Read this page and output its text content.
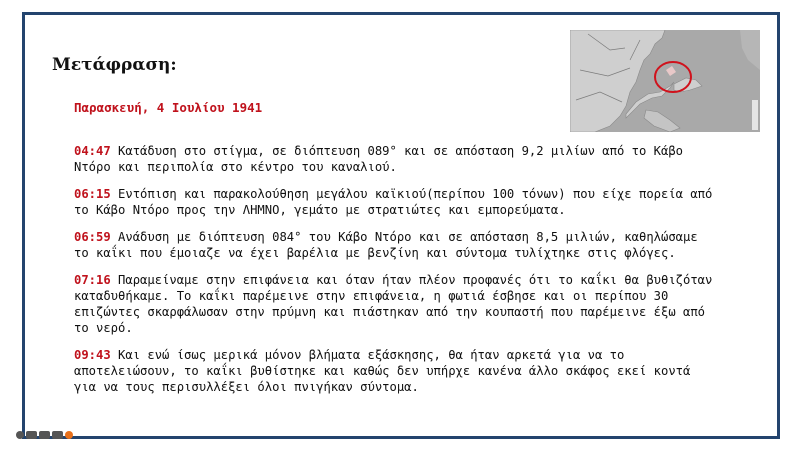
Μετάφραση:
Παρασκευή, 4 Ιουλίου 1941

04:47 Κατάδυση στο στίγμα, σε διόπτευση 089° και σε απόσταση 9,2 μιλίων από το Κάβο Ντόρο και περιπολία στο κέντρο του καναλιού.

06:15 Εντόπιση και παρακολούθηση μεγάλου καϊκιού(περίπου 100 τόνων) που είχε πορεία από το Κάβο Ντόρο προς την ΛΗΜΝΟ, γεμάτο με στρατιώτες και εμπορεύματα.

06:59 Ανάδυση με διόπτευση 084° του Κάβο Ντόρο και σε απόσταση 8,5 μιλιών, καθηλώσαμε το καΐκι που έμοιαζε να έχει βαρέλια με βενζίνη και σύντομα τυλίχτηκε στις φλόγες.

07:16 Παραμείναμε στην επιφάνεια και όταν ήταν πλέον προφανές ότι το καΐκι θα βυθιζόταν καταδυθήκαμε. Το καΐκι παρέμεινε στην επιφάνεια, η φωτιά έσβησε και οι περίπου 30 επιζώντες σκαρφάλωσαν στην πρύμνη και πιάστηκαν από την κουπαστή που παρέμεινε έξω από το νερό.

09:43 Και ενώ ίσως μερικά μόνον βλήματα εξάσκησης, θα ήταν αρκετά για να το αποτελειώσουν, το καΐκι βυθίστηκε και καθώς δεν υπήρχε κανένα άλλο σκάφος εκεί κοντά για να τους περισυλλέξει όλοι πνιγήκαν σύντομα.
